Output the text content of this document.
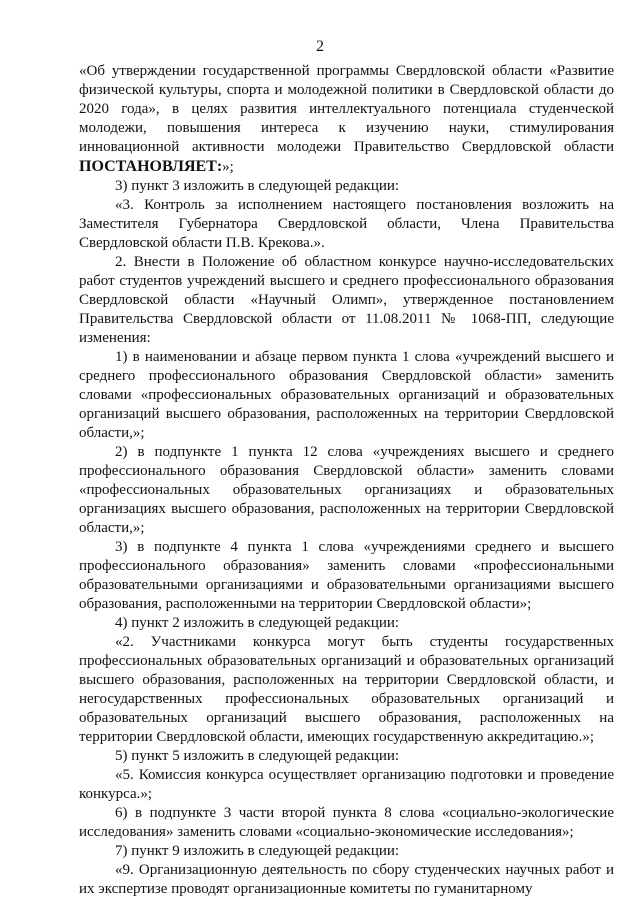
2

«Об утверждении государственной программы Свердловской области «Развитие физической культуры, спорта и молодежной политики в Свердловской области до 2020 года», в целях развития интеллектуального потенциала студенческой молодежи, повышения интереса к изучению науки, стимулирования инновационной активности молодежи Правительство Свердловской области ПОСТАНОВЛЯЕТ:»;

3) пункт 3 изложить в следующей редакции:

«3. Контроль за исполнением настоящего постановления возложить на Заместителя Губернатора Свердловской области, Члена Правительства Свердловской области П.В. Крекова.».

2. Внести в Положение об областном конкурсе научно-исследовательских работ студентов учреждений высшего и среднего профессионального образования Свердловской области «Научный Олимп», утвержденное постановлением Правительства Свердловской области от 11.08.2011 № 1068-ПП, следующие изменения:

1) в наименовании и абзаце первом пункта 1 слова «учреждений высшего и среднего профессионального образования Свердловской области» заменить словами «профессиональных образовательных организаций и образовательных организаций высшего образования, расположенных на территории Свердловской области,»;

2) в подпункте 1 пункта 12 слова «учреждениях высшего и среднего профессионального образования Свердловской области» заменить словами «профессиональных образовательных организациях и образовательных организациях высшего образования, расположенных на территории Свердловской области,»;

3) в подпункте 4 пункта 1 слова «учреждениями среднего и высшего профессионального образования» заменить словами «профессиональными образовательными организациями и образовательными организациями высшего образования, расположенными на территории Свердловской области»;

4) пункт 2 изложить в следующей редакции:

«2. Участниками конкурса могут быть студенты государственных профессиональных образовательных организаций и образовательных организаций высшего образования, расположенных на территории Свердловской области, и негосударственных профессиональных образовательных организаций и образовательных организаций высшего образования, расположенных на территории Свердловской области, имеющих государственную аккредитацию.»;

5) пункт 5 изложить в следующей редакции:

«5. Комиссия конкурса осуществляет организацию подготовки и проведение конкурса.»;

6) в подпункте 3 части второй пункта 8 слова «социально-экологические исследования» заменить словами «социально-экономические исследования»;

7) пункт 9 изложить в следующей редакции:

«9. Организационную деятельность по сбору студенческих научных работ и их экспертизе проводят организационные комитеты по гуманитарному
